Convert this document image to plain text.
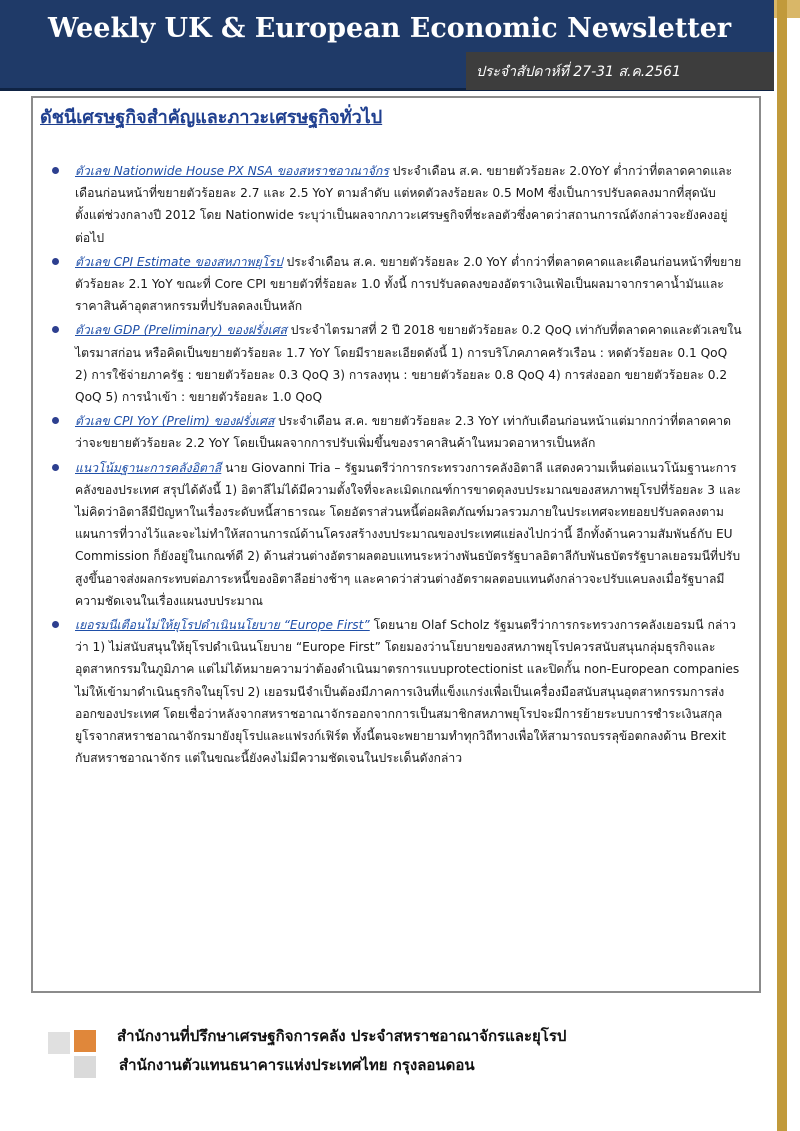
Weekly UK & European Economic Newsletter
ประจำสัปดาห์ที่ 27-31 ส.ค.2561
ดัชนีเศรษฐกิจสำคัญและภาวะเศรษฐกิจทั่วไป
ตัวเลข Nationwide House PX NSA ของสหราชอาณาจักร ประจำเดือน ส.ค. ขยายตัวร้อยละ 2.0YoY ต่ำกว่าที่ตลาดคาดและเดือนก่อนหน้าที่ขยายตัวร้อยละ 2.7 และ 2.5 YoY ตามลำดับ แต่หดตัวลงร้อยละ 0.5 MoM ซึ่งเป็นการปรับลดลงมากที่สุดนับตั้งแต่ช่วงกลางปี 2012 โดย Nationwide ระบุว่าเป็นผลจากภาวะเศรษฐกิจที่ชะลอตัวซึ่งคาดว่าสถานการณ์ดังกล่าวจะยังคงอยู่ต่อไป
ตัวเลข CPI Estimate ของสหภาพยุโรป ประจำเดือน ส.ค. ขยายตัวร้อยละ 2.0 YoY ต่ำกว่าที่ตลาดคาดและเดือนก่อนหน้าที่ขยายตัวร้อยละ 2.1 YoY ขณะที่ Core CPI ขยายตัวที่ร้อยละ 1.0 ทั้งนี้ การปรับลดลงของอัตราเงินเฟ้อเป็นผลมาจากราคาน้ำมันและราคาสินค้าอุตสาหกรรมที่ปรับลดลงเป็นหลัก
ตัวเลข GDP (Preliminary) ของฝรั่งเศส ประจำไตรมาสที่ 2 ปี 2018 ขยายตัวร้อยละ 0.2 QoQ เท่ากับที่ตลาดคาดและตัวเลขในไตรมาสก่อน หรือคิดเป็นขยายตัวร้อยละ 1.7 YoY โดยมีรายละเอียดดังนี้ 1) การบริโภคภาคครัวเรือน : หดตัวร้อยละ 0.1 QoQ 2) การใช้จ่ายภาครัฐ : ขยายตัวร้อยละ 0.3 QoQ 3) การลงทุน : ขยายตัวร้อยละ 0.8 QoQ 4) การส่งออก ขยายตัวร้อยละ 0.2 QoQ 5) การนำเข้า : ขยายตัวร้อยละ 1.0 QoQ
ตัวเลข CPI YoY (Prelim) ของฝรั่งเศส ประจำเดือน ส.ค. ขยายตัวร้อยละ 2.3 YoY เท่ากับเดือนก่อนหน้าแต่มากกว่าที่ตลาดคาดว่าจะขยายตัวร้อยละ 2.2 YoY โดยเป็นผลจากการปรับเพิ่มขึ้นของราคาสินค้าในหมวดอาหารเป็นหลัก
แนวโน้มฐานะการคลังอิตาลี นาย Giovanni Tria – รัฐมนตรีว่าการกระทรวงการคลังอิตาลี แสดงความเห็นต่อแนวโน้มฐานะการคลังของประเทศ สรุปได้ดังนี้ 1) อิตาลีไม่ได้มีความตั้งใจที่จะละเมิดเกณฑ์การขาดดุลงบประมาณของสหภาพยุโรปที่ร้อยละ 3 และไม่คิดว่าอิตาลีมีปัญหาในเรื่องระดับหนี้สาธารณะ โดยอัตราส่วนหนี้ต่อผลิตภัณฑ์มวลรวมภายในประเทศจะทยอยปรับลดลงตามแผนการที่วางไว้และจะไม่ทำให้สถานการณ์ด้านโครงสร้างงบประมาณของประเทศแย่ลงไปกว่านี้ อีกทั้งด้านความสัมพันธ์กับ EU Commission ก็ยังอยู่ในเกณฑ์ดี 2) ด้านส่วนต่างอัตราผลตอบแทนระหว่างพันธบัตรรัฐบาลอิตาลีกับพันธบัตรรัฐบาลเยอรมนีที่ปรับสูงขึ้นอาจส่งผลกระทบต่อภาระหนี้ของอิตาลีอย่างช้าๆ และคาดว่าส่วนต่างอัตราผลตอบแทนดังกล่าวจะปรับแคบลงเมื่อรัฐบาลมีความชัดเจนในเรื่องแผนงบประมาณ
เยอรมนีเตือนไม่ให้ยุโรปดำเนินนโยบาย “Europe First” โดยนาย Olaf Scholz รัฐมนตรีว่าการกระทรวงการคลังเยอรมนี กล่าวว่า 1) ไม่สนับสนุนให้ยุโรปดำเนินนโยบาย “Europe First” โดยมองว่านโยบายของสหภาพยุโรปควรสนับสนุนกลุ่มธุรกิจและอุตสาหกรรมในภูมิภาค แต่ไม่ได้หมายความว่าต้องดำเนินมาตรการแบบprotectionist และปิดกั้น non-European companies ไม่ให้เข้ามาดำเนินธุรกิจในยุโรป 2) เยอรมนีจำเป็นต้องมีภาคการเงินที่แข็งแกร่งเพื่อเป็นเครื่องมือสนับสนุนอุตสาหกรรมการส่งออกของประเทศ โดยเชื่อว่าหลังจากสหราชอาณาจักรออกจากการเป็นสมาชิกสหภาพยุโรปจะมีการย้ายระบบการชำระเงินสกุลยูโรจากสหราชอาณาจักรมายังยุโรปและแฟรงก์เฟิร์ต ทั้งนี้ตนจะพยายามทำทุกวิถีทางเพื่อให้สามารถบรรลุข้อตกลงด้าน Brexit กับสหราชอาณาจักร แต่ในขณะนี้ยังคงไม่มีความชัดเจนในประเด็นดังกล่าว
สำนักงานที่ปรึกษาเศรษฐกิจการคลัง ประจำสหราชอาณาจักรและยุโรป
สำนักงานตัวแทนธนาคารแห่งประเทศไทย กรุงลอนดอน
